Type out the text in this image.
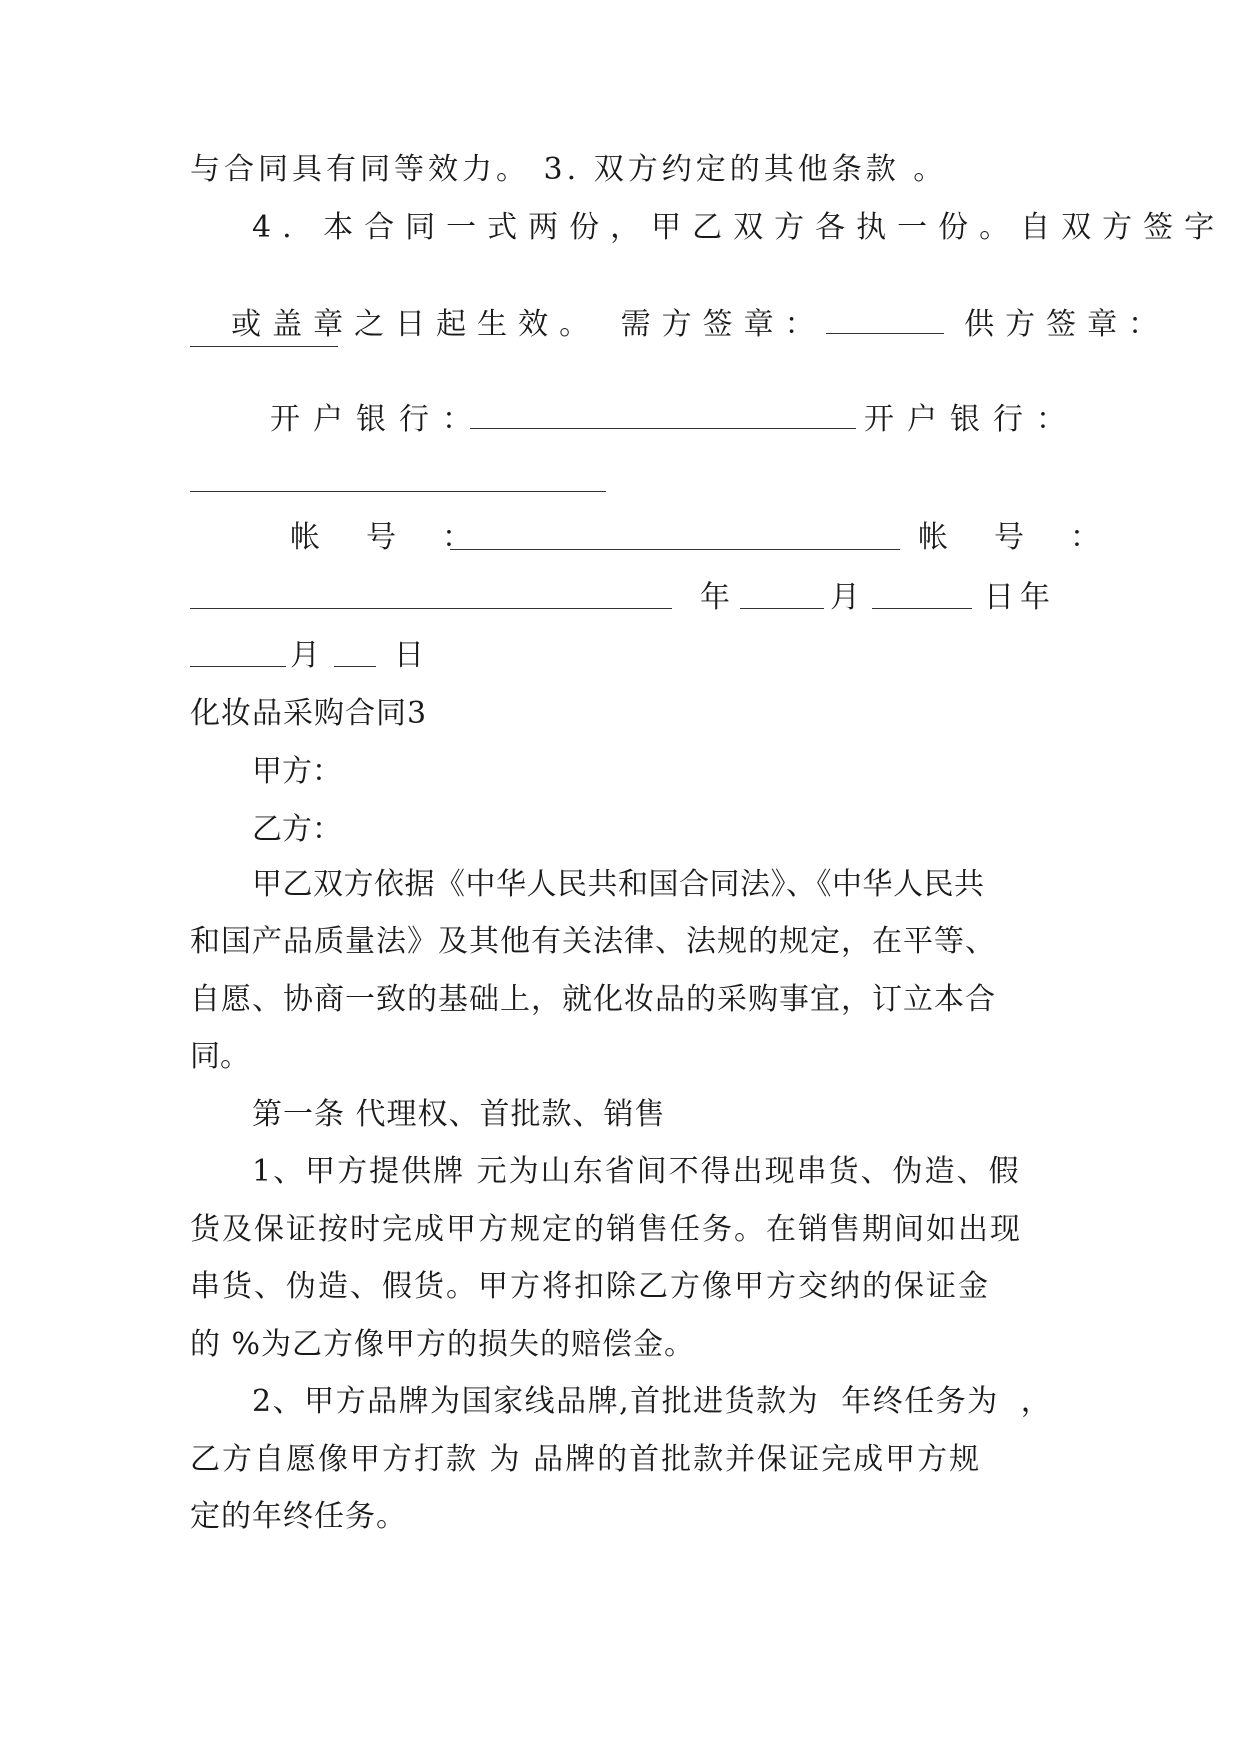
与合同具有同等效力。 3. 双方约定的其他条款 。
4. 本合同一式两份，甲乙双方各执一份。自双方签字

或盖章之日起生效。 需方签章：	供方签章：

开户银行：	开户银行：
帐　号　：	帐　号　：
年	月	日 年
月 日
化妆品采购合同3
甲方：
乙方：
甲乙双方依据《中华人民共和国合同法》、《中华人民共
和国产品质量法》及其他有关法律、法规的规定，在平等、
自愿、协商一致的基础上，就化妆品的采购事宜，订立本合
同。
第一条 代理权、首批款、销售
1、甲方提供牌 元为山东省间不得出现串货、伪造、假
货及保证按时完成甲方规定的销售任务。在销售期间如出现
串货、伪造、假货。甲方将扣除乙方像甲方交纳的保证金
的 %为乙方像甲方的损失的赔偿金。
2、甲方品牌为国家线品牌,首批进货款为  年终任务为  ，
乙方自愿像甲方打款 为 品牌的首批款并保证完成甲方规
定的年终任务。
